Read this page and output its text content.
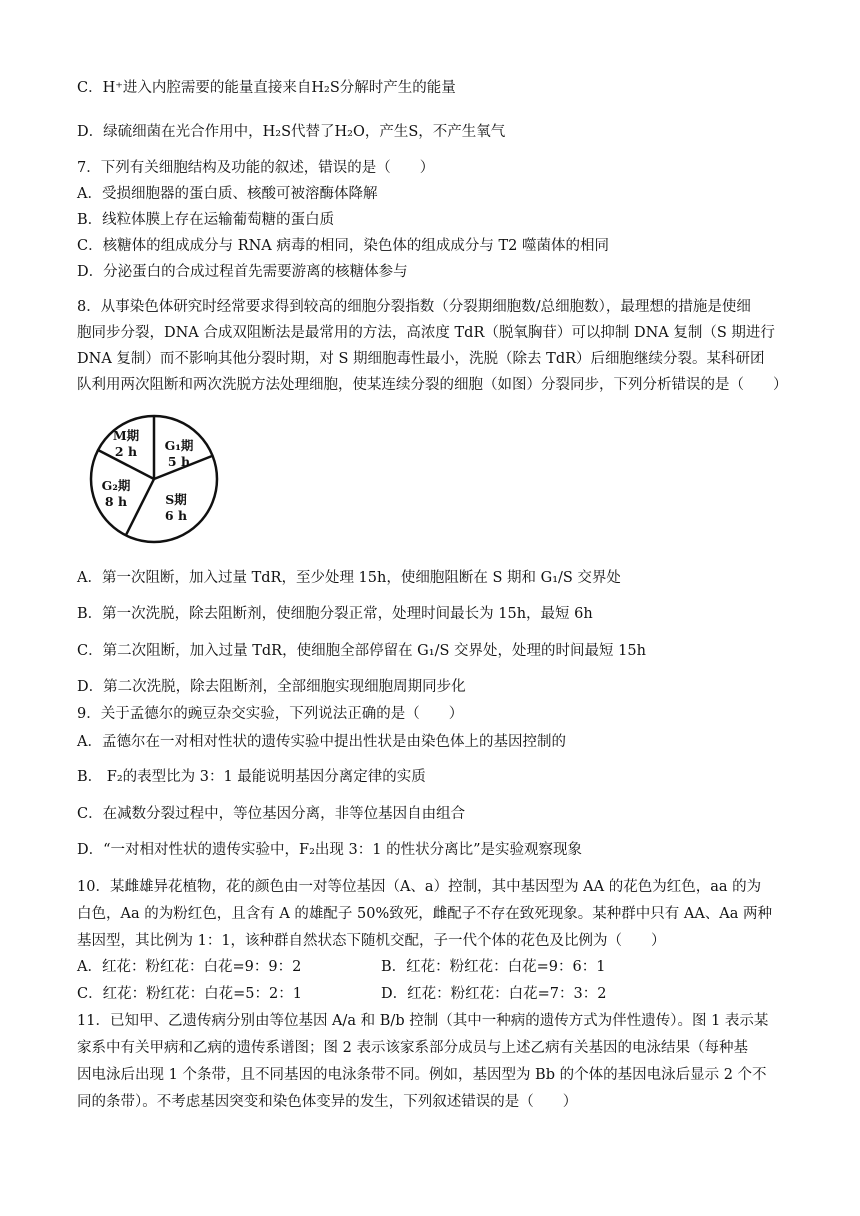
C．H⁺进入内腔需要的能量直接来自H₂S分解时产生的能量
D．绿硫细菌在光合作用中，H₂S代替了H₂O，产生S，不产生氧气
7．下列有关细胞结构及功能的叙述，错误的是（　　）
A．受损细胞器的蛋白质、核酸可被溶酶体降解
B．线粒体膜上存在运输葡萄糖的蛋白质
C．核糖体的组成成分与 RNA 病毒的相同，染色体的组成成分与 T2 噬菌体的相同
D．分泌蛋白的合成过程首先需要游离的核糖体参与
8．从事染色体研究时经常要求得到较高的细胞分裂指数（分裂期细胞数/总细胞数），最理想的措施是使细
胞同步分裂，DNA 合成双阻断法是最常用的方法，高浓度 TdR（脱氧胸苷）可以抑制 DNA 复制（S 期进行
DNA 复制）而不影响其他分裂时期，对 S 期细胞毒性最小，洗脱（除去 TdR）后细胞继续分裂。某科研团
队利用两次阻断和两次洗脱方法处理细胞，使某连续分裂的细胞（如图）分裂同步，下列分析错误的是（　　）
M期
2 h G₁期
5 h
G₂期
8 h	S期
6 h
A．第一次阻断，加入过量 TdR，至少处理 15h，使细胞阻断在 S 期和 G₁/S 交界处
B．第一次洗脱，除去阻断剂，使细胞分裂正常，处理时间最长为 15h，最短 6h
C．第二次阻断，加入过量 TdR，使细胞全部停留在 G₁/S 交界处，处理的时间最短 15h
D．第二次洗脱，除去阻断剂，全部细胞实现细胞周期同步化
9．关于孟德尔的豌豆杂交实验，下列说法正确的是（　　）
A．孟德尔在一对相对性状的遗传实验中提出性状是由染色体上的基因控制的
B． F₂的表型比为 3：1 最能说明基因分离定律的实质
C．在减数分裂过程中，等位基因分离，非等位基因自由组合
D．“一对相对性状的遗传实验中，F₂出现 3：1 的性状分离比”是实验观察现象
10．某雌雄异花植物，花的颜色由一对等位基因（A、a）控制，其中基因型为 AA 的花色为红色，aa 的为
白色，Aa 的为粉红色，且含有 A 的雄配子 50%致死，雌配子不存在致死现象。某种群中只有 AA、Aa 两种
基因型，其比例为 1：1，该种群自然状态下随机交配，子一代个体的花色及比例为（　　）
A．红花：粉红花：白花=9：9：2	B．红花：粉红花：白花=9：6：1
C．红花：粉红花：白花=5：2：1	D．红花：粉红花：白花=7：3：2
11．已知甲、乙遗传病分别由等位基因 A/a 和 B/b 控制（其中一种病的遗传方式为伴性遗传）。图 1 表示某
家系中有关甲病和乙病的遗传系谱图；图 2 表示该家系部分成员与上述乙病有关基因的电泳结果（每种基
因电泳后出现 1 个条带，且不同基因的电泳条带不同。例如，基因型为 Bb 的个体的基因电泳后显示 2 个不
同的条带）。不考虑基因突变和染色体变异的发生，下列叙述错误的是（　　）
